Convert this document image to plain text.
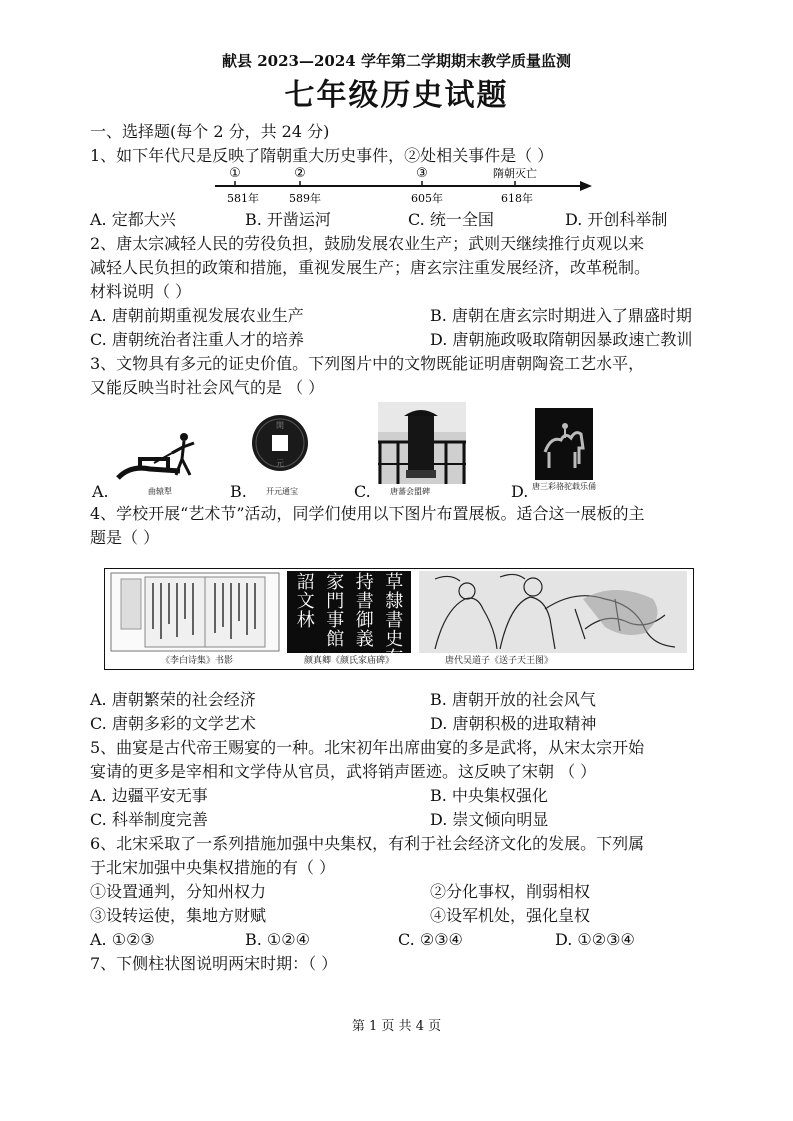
献县 2023—2024 学年第二学期期末教学质量监测
七年级历史试题
一、选择题(每个 2 分，共 24 分)
1、如下年代尺是反映了隋朝重大历史事件，②处相关事件是（ ）
①	②	③	隋朝灭亡
581年	589年	605年	618年
A. 定都大兴	B. 开凿运河	C. 统一全国	D. 开创科举制
2、唐太宗减轻人民的劳役负担，鼓励发展农业生产；武则天继续推行贞观以来
减轻人民负担的政策和措施，重视发展生产；唐玄宗注重发展经济，改革税制。
材料说明（ ）
A. 唐朝前期重视发展农业生产	B. 唐朝在唐玄宗时期进入了鼎盛时期
C. 唐朝统治者注重人才的培养	D. 唐朝施政吸取隋朝因暴政速亡教训
3、文物具有多元的证史价值。下列图片中的文物既能证明唐朝陶瓷工艺水平，
又能反映当时社会风气的是 （ ）
A.	曲辕犁	B.
開
元
开元通宝	C.	唐蕃会盟碑	D. 唐三彩骆驼载乐俑
4、学校开展“艺术节”活动，同学们使用以下图片布置展板。适合这一展板的主
题是（ ）
草隸書史有
持書御義
家門事館
詔文林
《李白诗集》书影	颜真卿《颜氏家庙碑》	唐代吴道子《送子天王图》
A. 唐朝繁荣的社会经济	B. 唐朝开放的社会风气
C. 唐朝多彩的文学艺术	D. 唐朝积极的进取精神
5、曲宴是古代帝王赐宴的一种。北宋初年出席曲宴的多是武将，从宋太宗开始
宴请的更多是宰相和文学侍从官员，武将销声匿迹。这反映了宋朝 （ ）
A. 边疆平安无事	B. 中央集权强化
C. 科举制度完善	D. 崇文倾向明显
6、北宋采取了一系列措施加强中央集权，有利于社会经济文化的发展。下列属
于北宋加强中央集权措施的有（ ）
①设置通判，分知州权力	②分化事权，削弱相权
③设转运使，集地方财赋	④设军机处，强化皇权
A. ①②③	B. ①②④	C. ②③④	D. ①②③④
7、下侧柱状图说明两宋时期：（ ）
第 1 页 共 4 页
